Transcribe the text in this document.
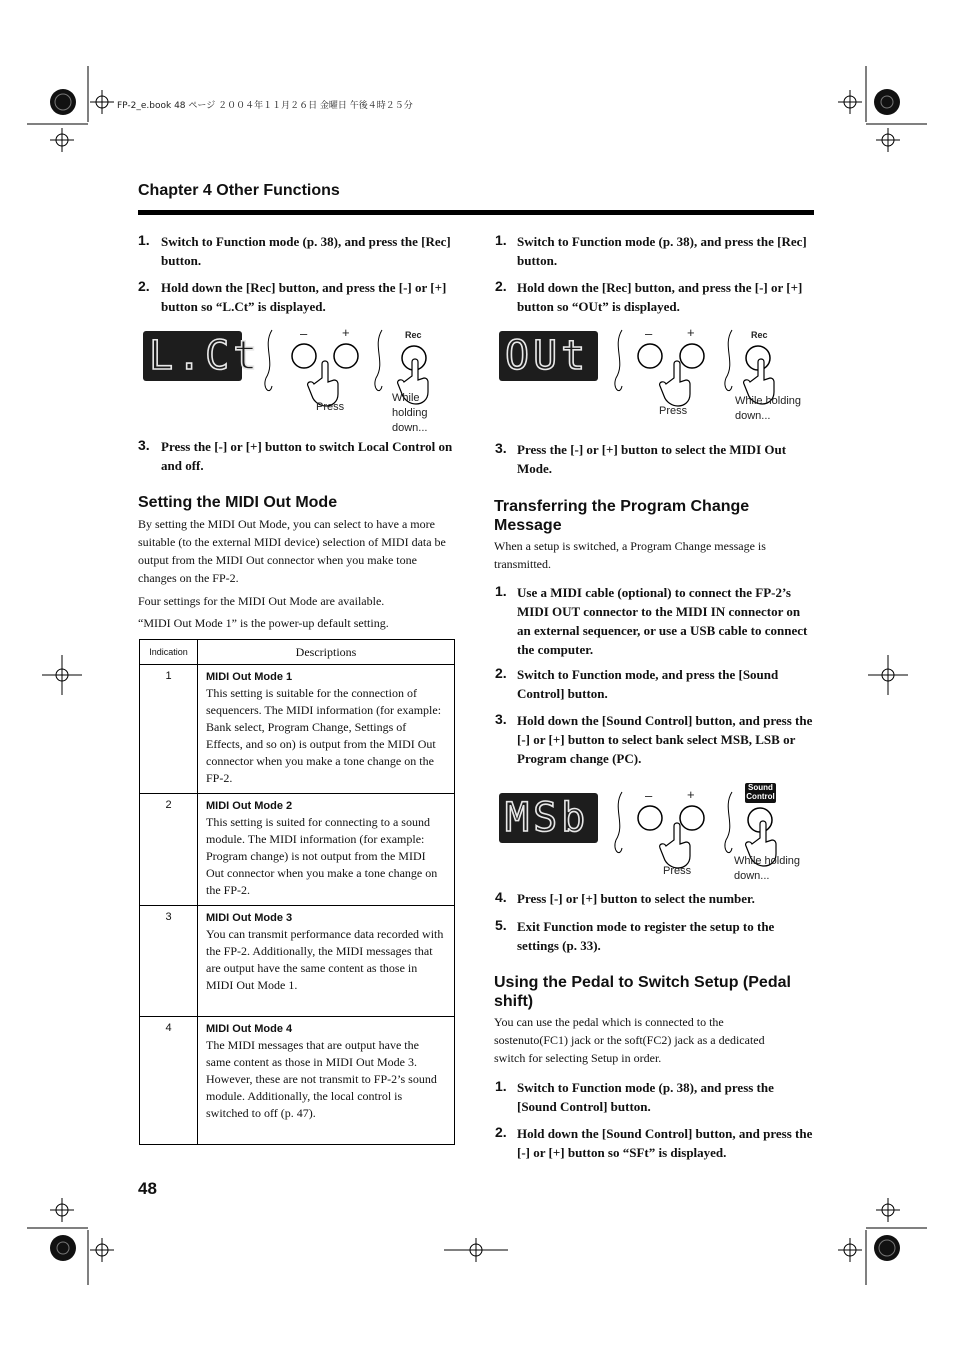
FP-2_e.book 48 ページ ２００４年１１月２６日 金曜日 午後４時２５分
Chapter 4 Other Functions
1. Switch to Function mode (p. 38), and press the [Rec] button.
2. Hold down the [Rec] button, and press the [-] or [+] button so “L.Ct” is displayed.
L.Ct	–	+	Rec
Press
While holding down...
3. Press the [-] or [+] button to switch Local Control on and off.
Setting the MIDI Out Mode
By setting the MIDI Out Mode, you can select to have a more suitable (to the external MIDI device) selection of MIDI data be output from the MIDI Out connector when you make tone changes on the FP-2.
Four settings for the MIDI Out Mode are available.
“MIDI Out Mode 1” is the power-up default setting.
Indication	Descriptions
1	MIDI Out Mode 1
This setting is suitable for the connection of sequencers. The MIDI information (for example: Bank select, Program Change, Settings of Effects, and so on) is output from the MIDI Out connector when you make a tone change on the FP-2.

2	MIDI Out Mode 2
This setting is suited for connecting to a sound module. The MIDI information (for example: Program change) is not output from the MIDI Out connector when you make a tone change on the FP-2.

3	MIDI Out Mode 3
You can transmit performance data recorded with the FP-2. Additionally, the MIDI messages that are output have the same content as those in MIDI Out Mode 1.

4	MIDI Out Mode 4
The MIDI messages that are output have the same content as those in MIDI Out Mode 3. However, these are not transmit to FP-2’s sound module. Additionally, the local control is switched to off (p. 47).
48
1. Switch to Function mode (p. 38), and press the [Rec] button.
2. Hold down the [Rec] button, and press the [-] or [+] button so “OUt” is displayed.
OUt	–	+	Rec
Press
While holding down...
3. Press the [-] or [+] button to select the MIDI Out Mode.
Transferring the Program Change Message
When a setup is switched, a Program Change message is transmitted.
1. Use a MIDI cable (optional) to connect the FP-2’s MIDI OUT connector to the MIDI IN connector on an external sequencer, or use a USB cable to connect the computer.
2. Switch to Function mode, and press the [Sound Control] button.
3. Hold down the [Sound Control] button, and press the [-] or [+] button to select bank select MSB, LSB or Program change (PC).
MSb	–	+	Sound
Control
Press
While holding down...
4. Press [-] or [+] button to select the number.
5. Exit Function mode to register the setup to the settings (p. 33).
Using the Pedal to Switch Setup (Pedal shift)
You can use the pedal which is connected to the sostenuto(FC1) jack or the soft(FC2) jack as a dedicated switch for selecting Setup in order.
1. Switch to Function mode (p. 38), and press the [Sound Control] button.
2. Hold down the [Sound Control] button, and press the [-] or [+] button so “SFt” is displayed.
